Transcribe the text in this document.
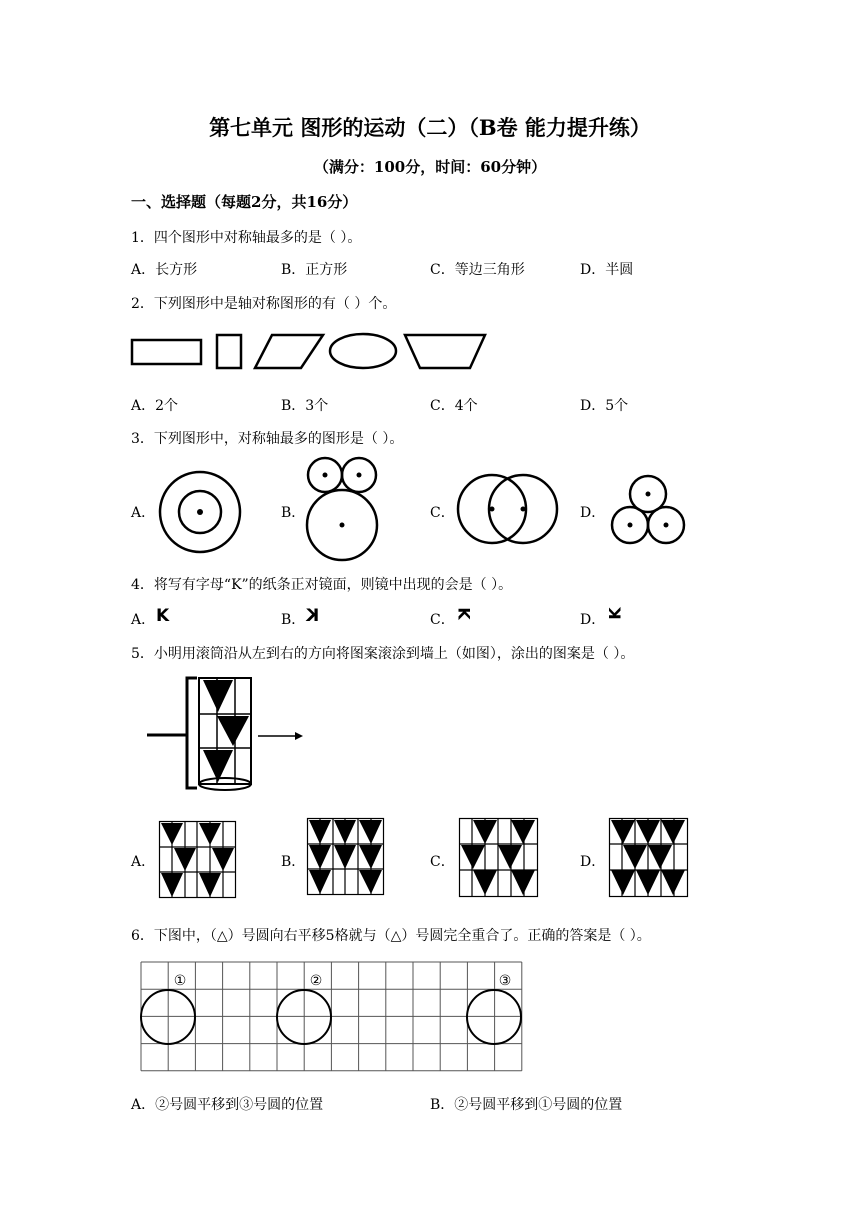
第七单元 图形的运动（二）（B卷 能力提升练）
（满分：100分，时间：60分钟）
一、选择题（每题2分，共16分）
1．四个图形中对称轴最多的是（ ）。
A．长方形	B．正方形	C．等边三角形	D．半圆
2．下列图形中是轴对称图形的有（ ）个。
A．2个	B．3个	C．4个	D．5个
3．下列图形中，对称轴最多的图形是（ ）。
A．	B．	C．	D．
4．将写有字母“K”的纸条正对镜面，则镜中出现的会是（ ）。
A． K	B． K	C． K	D． K
5．小明用滚筒沿从左到右的方向将图案滚涂到墙上（如图），涂出的图案是（ ）。
A．	B．	C．	D．
6．下图中，（△）号圆向右平移5格就与（△）号圆完全重合了。正确的答案是（ ）。
①	②	③
A．②号圆平移到③号圆的位置	B．②号圆平移到①号圆的位置
